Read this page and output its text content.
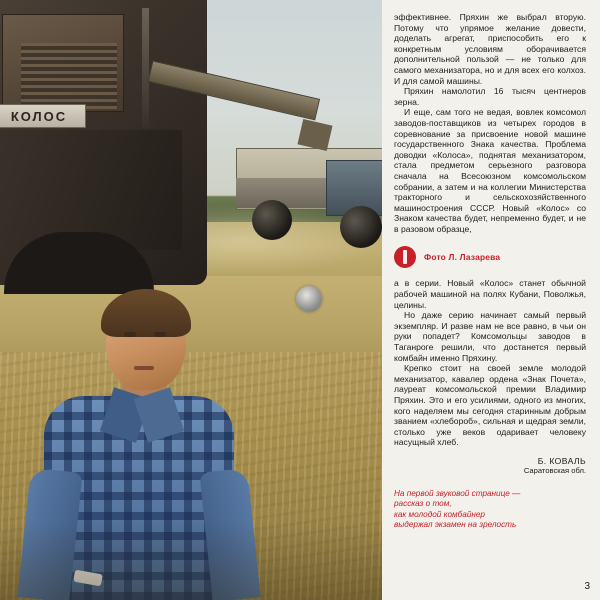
КОЛОС

эффективнее. Пряхин же выбрал вторую. Потому что упрямое желание довести, доделать агрегат, приспособить его к конкретным условиям оборачивается дополнительной пользой — не только для самого механизатора, но и для всех его колхоз. И для самой машины.

Пряхин намолотил 16 тысяч центнеров зерна.

И еще, сам того не ведая, вовлек комсомол заводов-поставщиков из четырех городов в соревнование за присвоение новой машине государственного Знака качества. Проблема доводки «Колоса», поднятая механизатором, стала предметом серьезного разговора сначала на Всесоюзном комсомольском собрании, а затем и на коллегии Министерства тракторного и сельскохозяйственного машиностроения СССР. Новый «Колос» со Знаком качества будет, непременно будет, и не в разовом образце,

Фото Л. Лазарева

а в серии. Новый «Колос» станет обычной рабочей машиной на полях Кубани, Поволжья, целины.

Но даже серию начинает самый первый экземпляр. И разве нам не все равно, в чьи он руки попадет? Комсомольцы заводов в Таганроге решили, что достанется первый комбайн именно Пряхину.

Крепко стоит на своей земле молодой механизатор, кавалер ордена «Знак Почета», лауреат комсомольской премии Владимир Пряхин. Это и его усилиями, одного из многих, кого наделяем мы сегодня старинным добрым званием «хлебороб», сильная и щедрая земли, столько уже веков одаривает человеку насущный хлеб.

Б. КОВАЛЬ
Саратовская обл.
На первой звуковой странице —
рассказ о том,
как молодой комбайнер
выдержал экзамен на зрелость
3
